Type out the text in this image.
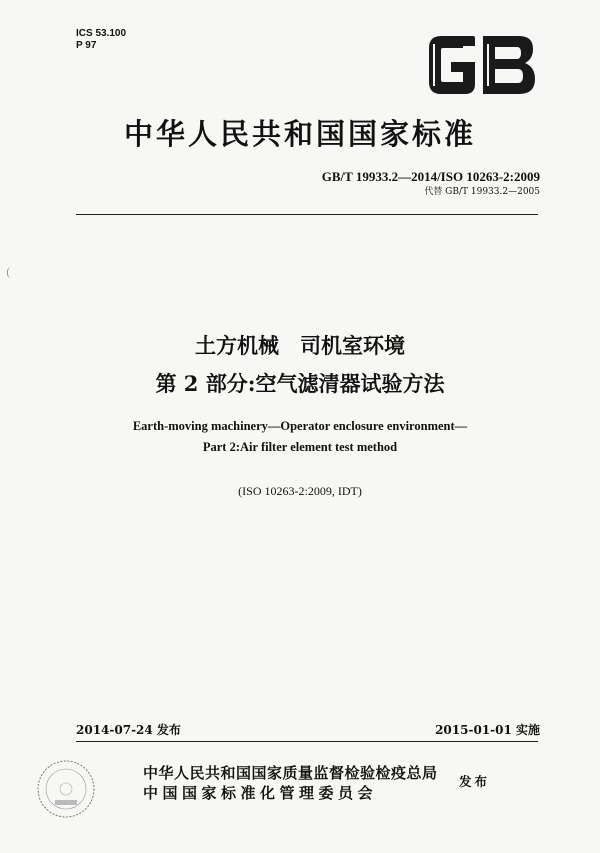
(
ICS 53.100
P 97
中华人民共和国国家标准
GB/T 19933.2—2014/ISO 10263-2:2009
代替 GB/T 19933.2—2005
土方机械　司机室环境
第 2 部分:空气滤清器试验方法
Earth-moving machinery—Operator enclosure environment—
Part 2:Air filter element test method
(ISO 10263-2:2009, IDT)
2014-07-24 发布	2015-01-01 实施
中华人民共和国国家质量监督检验检疫总局
中国国家标准化管理委员会
发布
